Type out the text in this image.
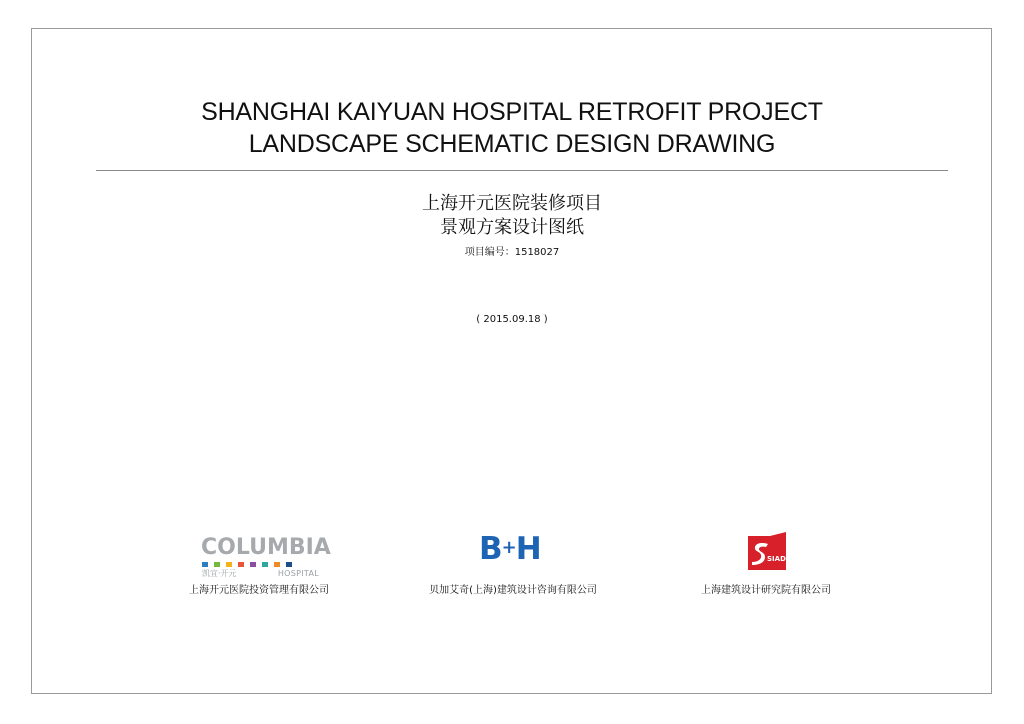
SHANGHAI KAIYUAN HOSPITAL RETROFIT PROJECT
LANDSCAPE SCHEMATIC DESIGN DRAWING
上海开元医院装修项目
景观方案设计图纸
项目编号：1518027
( 2015.09.18 )
COLUMBIA
凯宜·开元	HOSPITAL
上海开元医院投资管理有限公司
B+H
贝加艾奇(上海)建筑设计咨询有限公司
SIADR
上海建筑设计研究院有限公司
